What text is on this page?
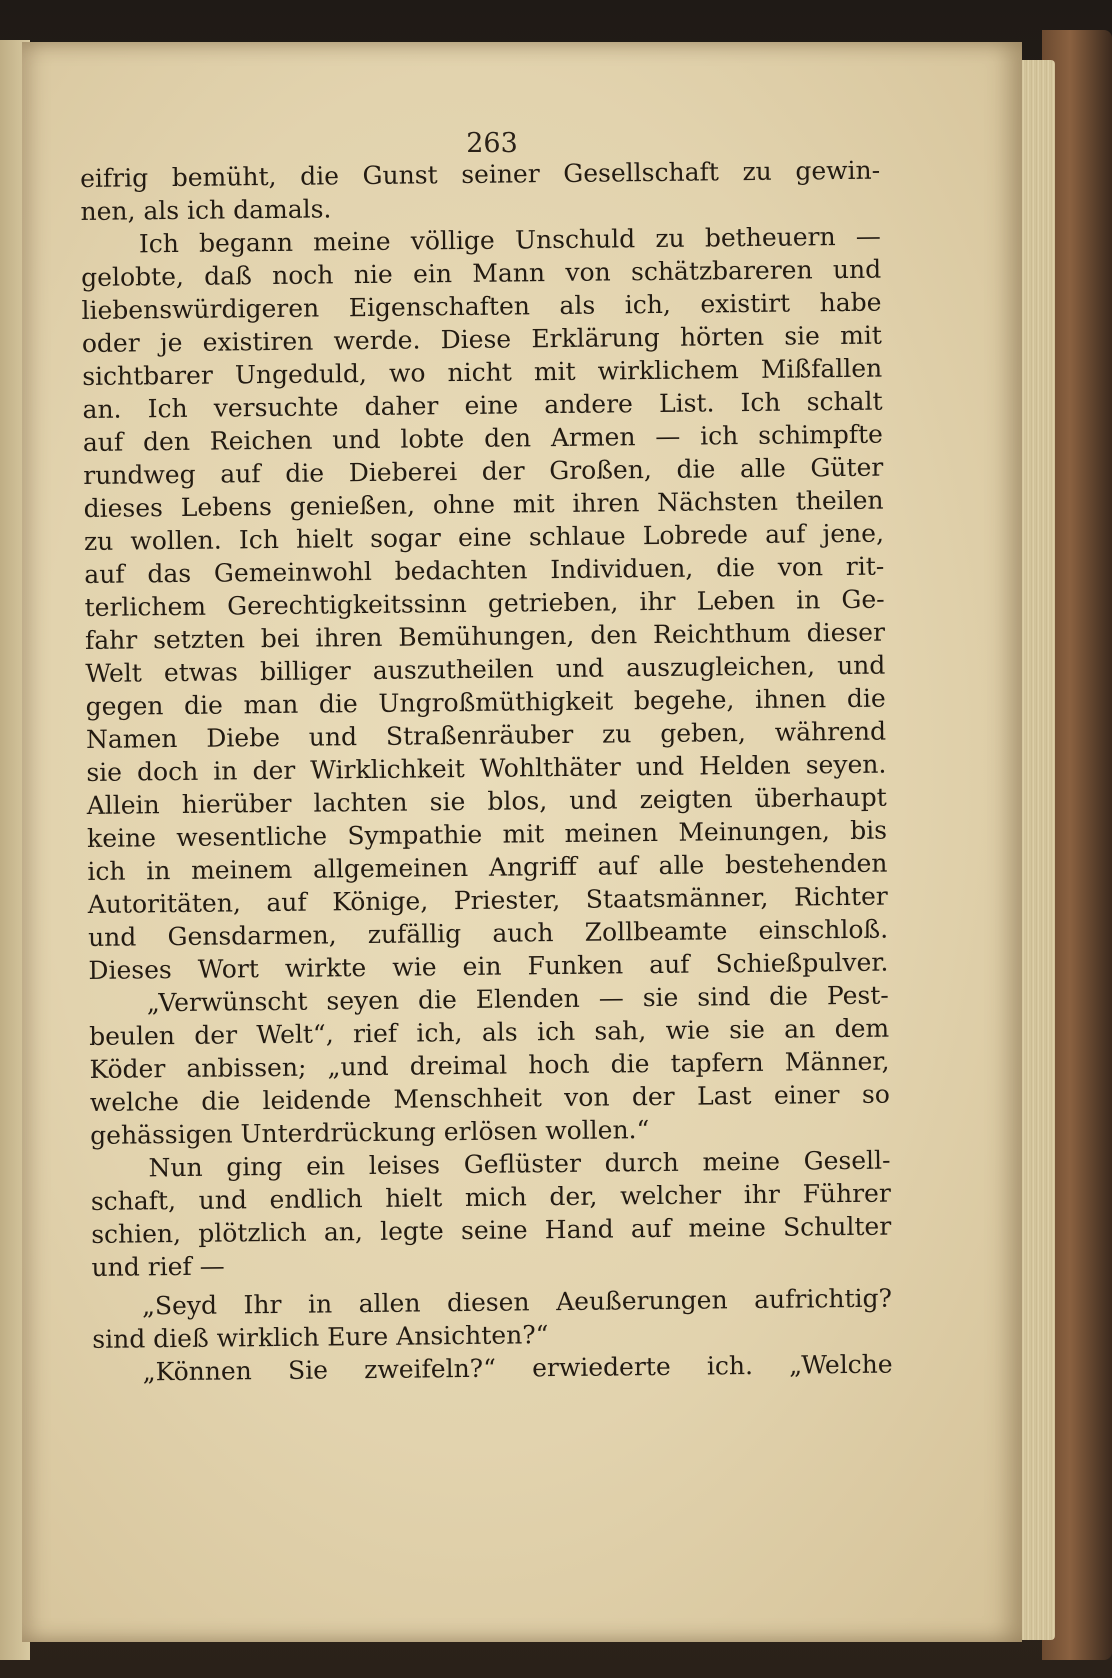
263
eifrig bemüht, die Gunst seiner Gesellschaft zu gewin-
nen, als ich damals.
Ich begann meine völlige Unschuld zu betheuern —
gelobte, daß noch nie ein Mann von schätzbareren und
liebenswürdigeren Eigenschaften als ich, existirt habe
oder je existiren werde. Diese Erklärung hörten sie mit
sichtbarer Ungeduld, wo nicht mit wirklichem Mißfallen
an. Ich versuchte daher eine andere List. Ich schalt
auf den Reichen und lobte den Armen — ich schimpfte
rundweg auf die Dieberei der Großen, die alle Güter
dieses Lebens genießen, ohne mit ihren Nächsten theilen
zu wollen. Ich hielt sogar eine schlaue Lobrede auf jene,
auf das Gemeinwohl bedachten Individuen, die von rit-
terlichem Gerechtigkeitssinn getrieben, ihr Leben in Ge-
fahr setzten bei ihren Bemühungen, den Reichthum dieser
Welt etwas billiger auszutheilen und auszugleichen, und
gegen die man die Ungroßmüthigkeit begehe, ihnen die
Namen Diebe und Straßenräuber zu geben, während
sie doch in der Wirklichkeit Wohlthäter und Helden seyen.
Allein hierüber lachten sie blos, und zeigten überhaupt
keine wesentliche Sympathie mit meinen Meinungen, bis
ich in meinem allgemeinen Angriff auf alle bestehenden
Autoritäten, auf Könige, Priester, Staatsmänner, Richter
und Gensdarmen, zufällig auch Zollbeamte einschloß.
Dieses Wort wirkte wie ein Funken auf Schießpulver.
„Verwünscht seyen die Elenden — sie sind die Pest-
beulen der Welt“, rief ich, als ich sah, wie sie an dem
Köder anbissen; „und dreimal hoch die tapfern Männer,
welche die leidende Menschheit von der Last einer so
gehässigen Unterdrückung erlösen wollen.“
Nun ging ein leises Geflüster durch meine Gesell-
schaft, und endlich hielt mich der, welcher ihr Führer
schien, plötzlich an, legte seine Hand auf meine Schulter
und rief —
„Seyd Ihr in allen diesen Aeußerungen aufrichtig?
sind dieß wirklich Eure Ansichten?“
„Können Sie zweifeln?“ erwiederte ich. „Welche
